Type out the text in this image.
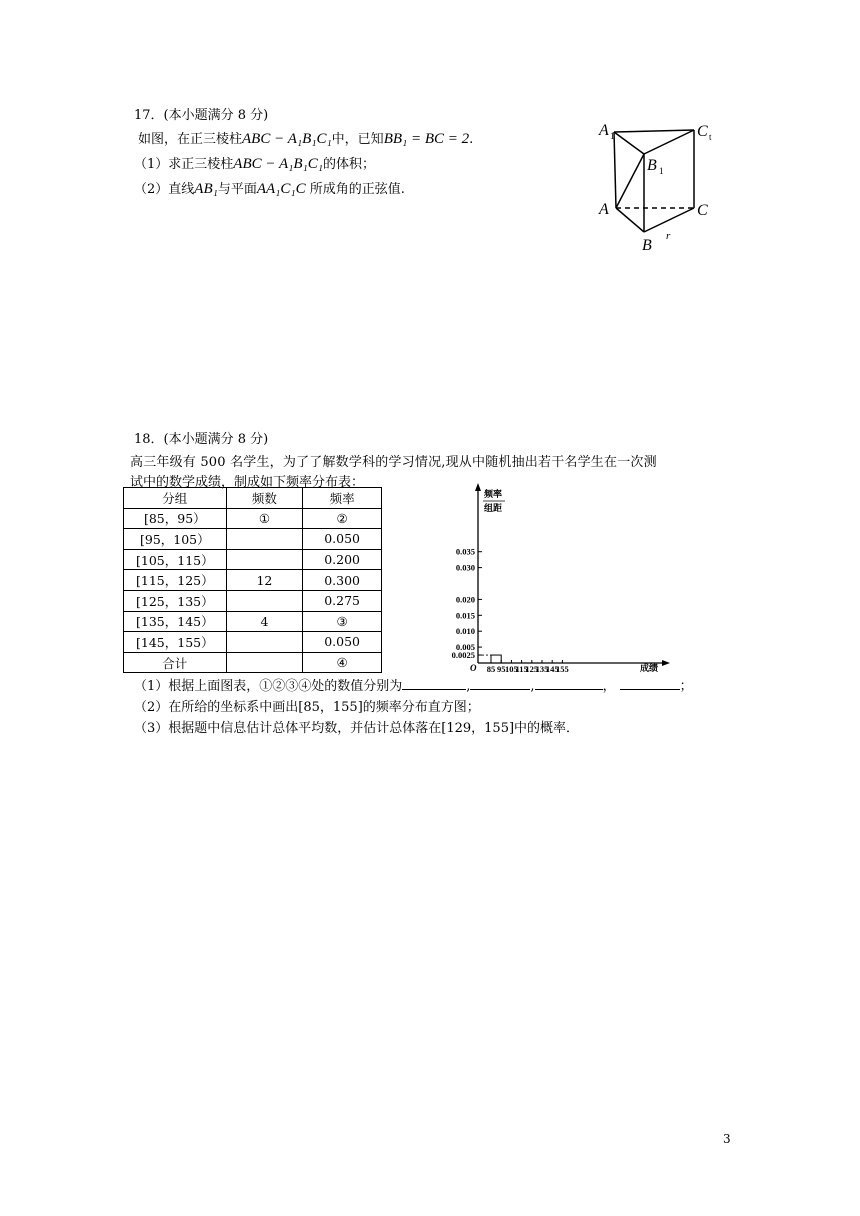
17．(本小题满分 8 分)
如图，在正三棱柱ABC − A₁B₁C₁中，已知BB₁ = BC = 2.
（1）求正三棱柱ABC − A₁B₁C₁的体积；
（2）直线AB₁与平面AA₁C₁C 所成角的正弦值.
A 1	C t
B 1
A	C
B
r
18．(本小题满分 8 分)
高三年级有 500 名学生，为了了解数学科的学习情况,现从中随机抽出若干名学生在一次测
试中的数学成绩，制成如下频率分布表：
分组	频数	频率
[85，95）	①	②
[95，105）		0.050
[105，115）		0.200
[115，125）	12	0.300
[125，135）		0.275
[135，145）	4	③
[145，155）		0.050
合计		④
频率
组距
成绩
O
0.035
0.030
0.020
0.015
0.010
0.005
0.0025
85 95 105
115
125
135
145
155
（1）根据上面图表，①②③④处的数值分别为	,	,	，	；
（2）在所给的坐标系中画出[85，155]的频率分布直方图；
（3）根据题中信息估计总体平均数，并估计总体落在[129，155]中的概率．
3
